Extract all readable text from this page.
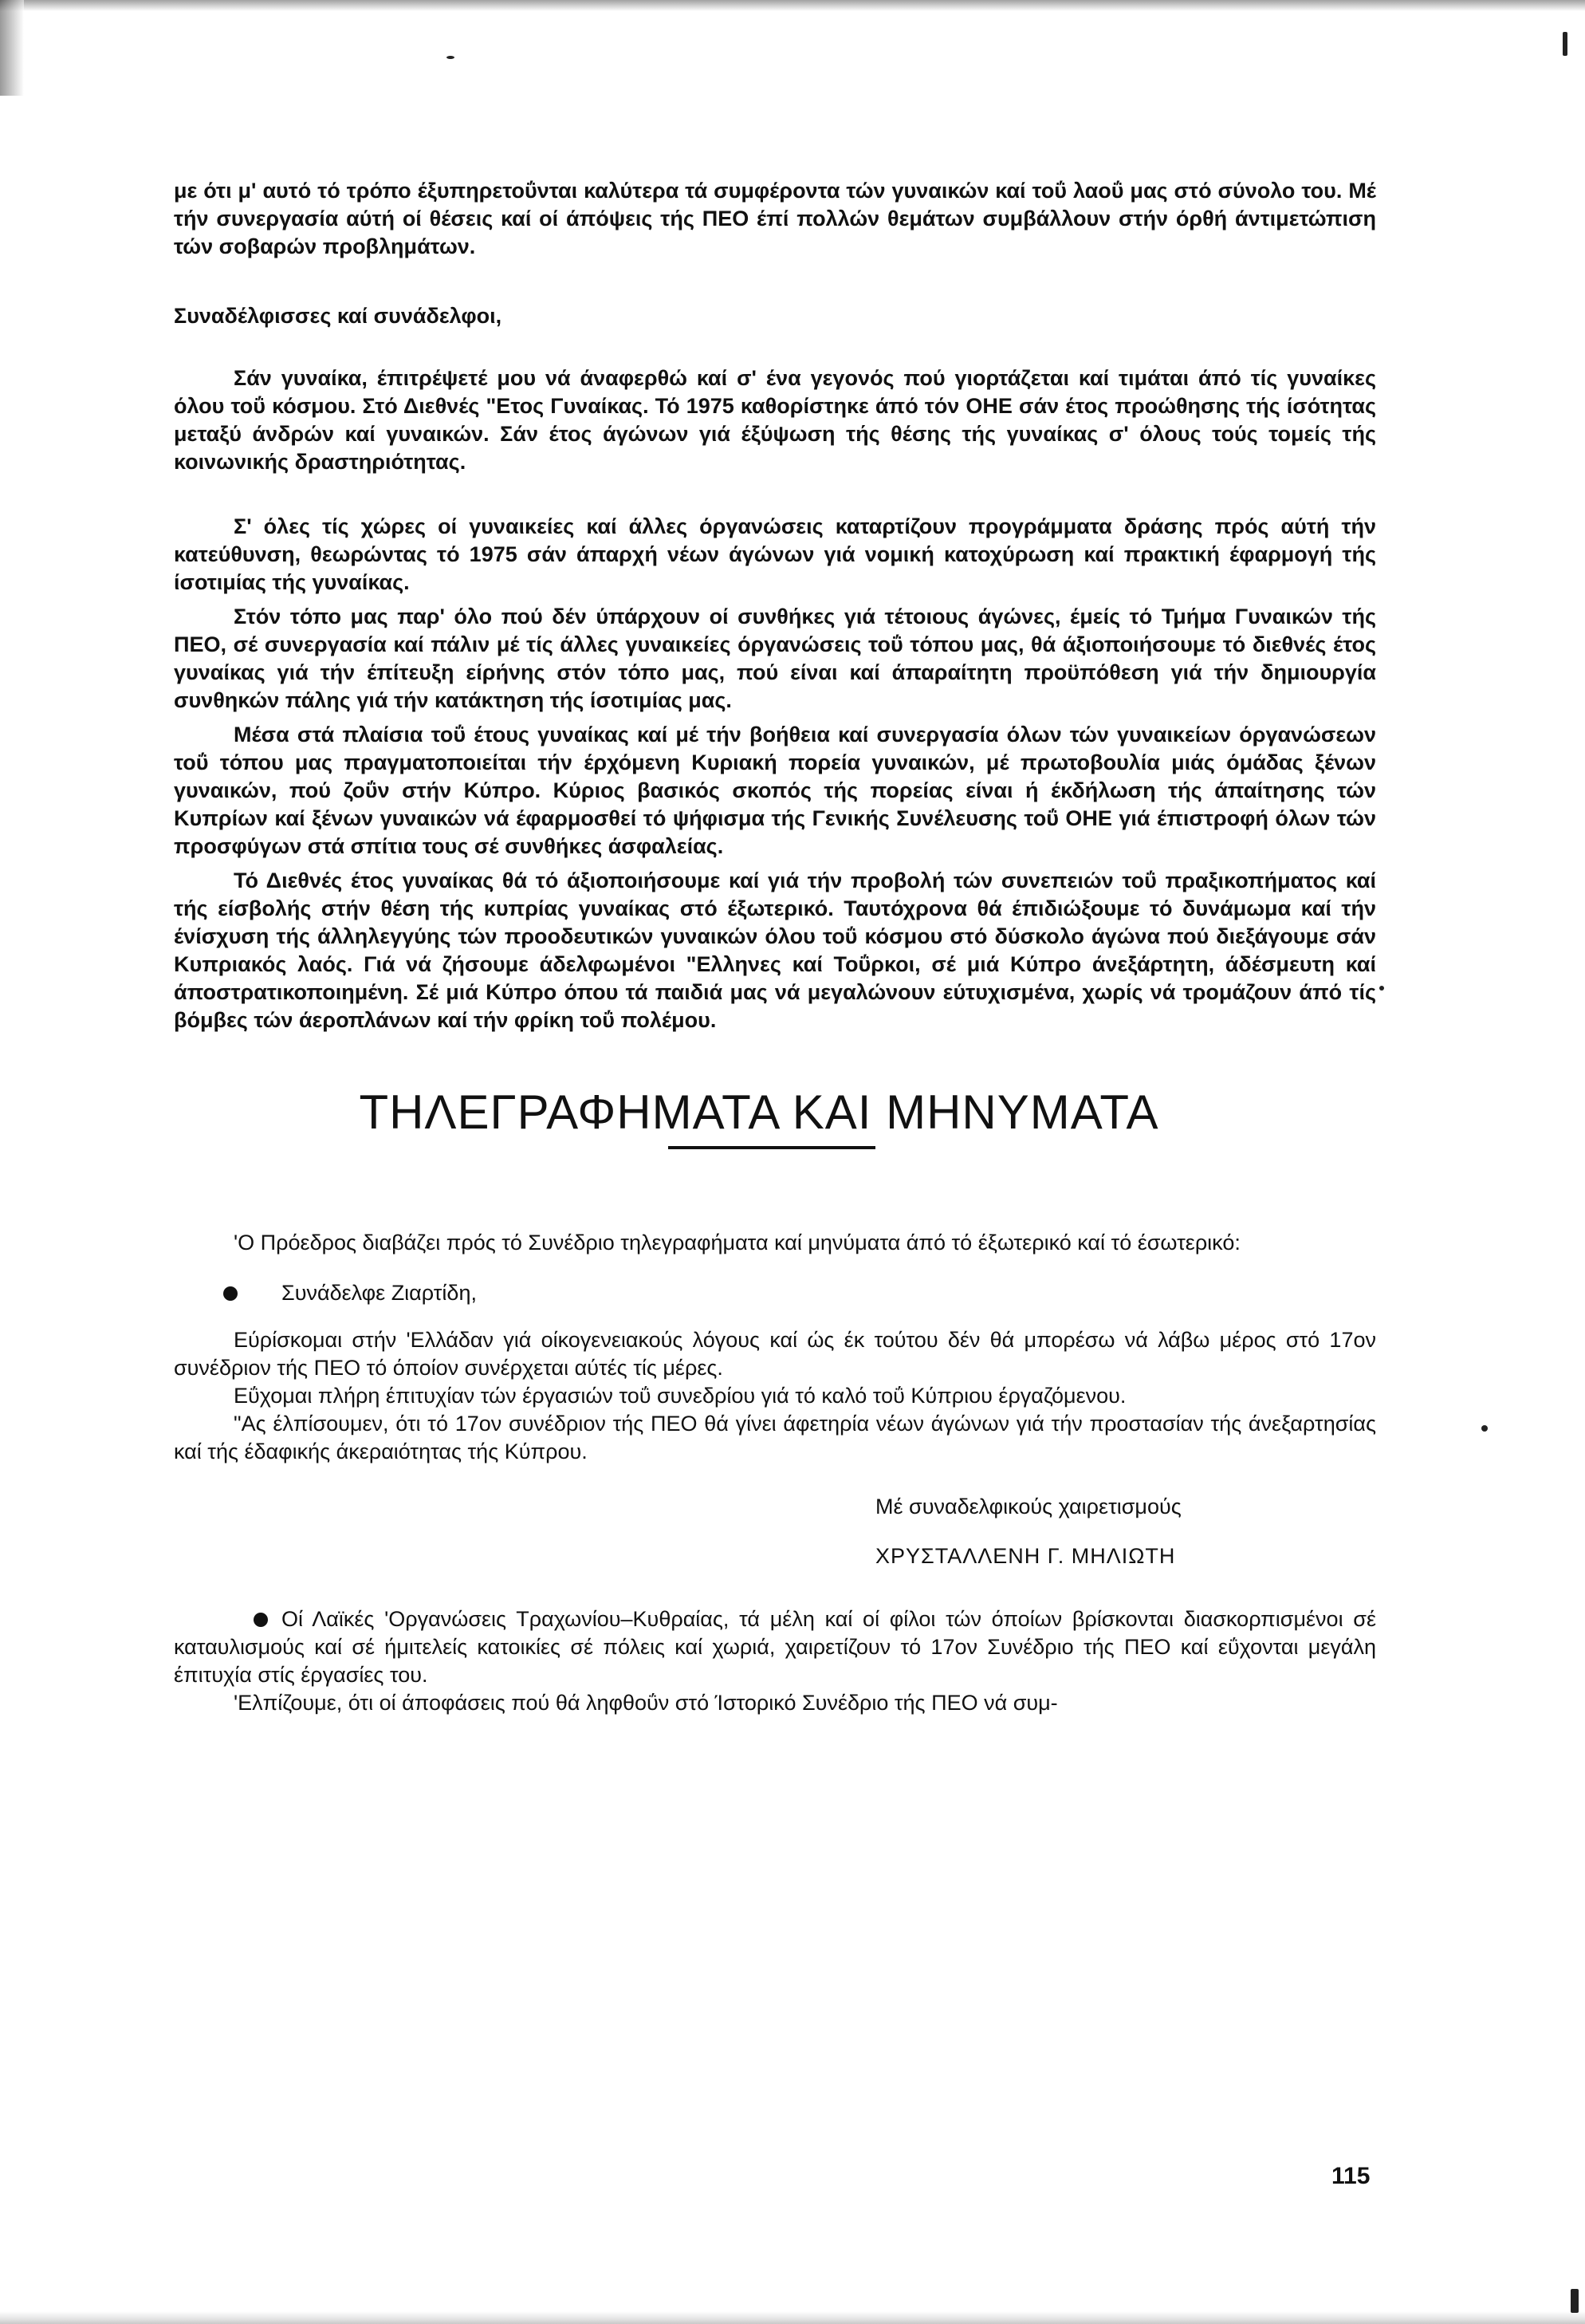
με ότι μ' αυτό τό τρόπο έξυπηρετοΰνται καλύτερα τά συμφέροντα τών γυναικών καί τοΰ λαοΰ μας στό σύνολο του. Μέ τήν συνεργασία αύτή οί θέσεις καί οί άπόψεις τής ΠΕΟ έπί πολλών θεμάτων συμβάλλουν στήν όρθή άντιμετώπιση τών σοβαρών προβλημάτων.

Συναδέλφισσες καί συνάδελφοι,

Σάν γυναίκα, έπιτρέψετέ μου νά άναφερθώ καί σ' ένα γεγονός πού γιορτάζεται καί τιμάται άπό τίς γυναίκες όλου τοΰ κόσμου. Στό Διεθνές "Ετος Γυναίκας. Τό 1975 καθορίστηκε άπό τόν ΟΗΕ σάν έτος προώθησης τής ίσότητας μεταξύ άνδρών καί γυναικών. Σάν έτος άγώνων γιά έξύψωση τής θέσης τής γυναίκας σ' όλους τούς τομείς τής κοινωνικής δραστηριότητας.

Σ' όλες τίς χώρες οί γυναικείες καί άλλες όργανώσεις καταρτίζουν προγράμματα δράσης πρός αύτή τήν κατεύθυνση, θεωρώντας τό 1975 σάν άπαρχή νέων άγώνων γιά νομική κατοχύρωση καί πρακτική έφαρμογή τής ίσοτιμίας τής γυναίκας.

Στόν τόπο μας παρ' όλο πού δέν ύπάρχουν οί συνθήκες γιά τέτοιους άγώνες, έμείς τό Τμήμα Γυναικών τής ΠΕΟ, σέ συνεργασία καί πάλιν μέ τίς άλλες γυναικείες όργανώσεις τοΰ τόπου μας, θά άξιοποιήσουμε τό διεθνές έτος γυναίκας γιά τήν έπίτευξη είρήνης στόν τόπο μας, πού είναι καί άπαραίτητη προϋπόθεση γιά τήν δημιουργία συνθηκών πάλης γιά τήν κατάκτηση τής ίσοτιμίας μας.

Μέσα στά πλαίσια τοΰ έτους γυναίκας καί μέ τήν βοήθεια καί συνεργασία όλων τών γυναικείων όργανώσεων τοΰ τόπου μας πραγματοποιείται τήν έρχόμενη Κυριακή πορεία γυναικών, μέ πρωτοβουλία μιάς όμάδας ξένων γυναικών, πού ζοΰν στήν Κύπρο. Κύριος βασικός σκοπός τής πορείας είναι ή έκδήλωση τής άπαίτησης τών Κυπρίων καί ξένων γυναικών νά έφαρμοσθεί τό ψήφισμα τής Γενικής Συνέλευσης τοΰ ΟΗΕ γιά έπιστροφή όλων τών προσφύγων στά σπίτια τους σέ συνθήκες άσφαλείας.

Τό Διεθνές έτος γυναίκας θά τό άξιοποιήσουμε καί γιά τήν προβολή τών συνεπειών τοΰ πραξικοπήματος καί τής είσβολής στήν θέση τής κυπρίας γυναίκας στό έξωτερικό. Ταυτόχρονα θά έπιδιώξουμε τό δυνάμωμα καί τήν ένίσχυση τής άλληλεγγύης τών προοδευτικών γυναικών όλου τοΰ κόσμου στό δύσκολο άγώνα πού διεξάγουμε σάν Κυπριακός λαός. Γιά νά ζήσουμε άδελφωμένοι "Ελληνες καί Τοΰρκοι, σέ μιά Κύπρο άνεξάρτητη, άδέσμευτη καί άποστρατικοποιημένη. Σέ μιά Κύπρο όπου τά παιδιά μας νά μεγαλώνουν εύτυχισμένα, χωρίς νά τρομάζουν άπό τίς βόμβες τών άεροπλάνων καί τήν φρίκη τοΰ πολέμου.

ΤΗΛΕΓΡΑΦΗΜΑΤΑ ΚΑΙ ΜΗΝΥΜΑΤΑ

'Ο Πρόεδρος διαβάζει πρός τό Συνέδριο τηλεγραφήματα καί μηνύματα άπό τό έξωτερικό καί τό έσωτερικό:

Συνάδελφε Ζιαρτίδη,

Εύρίσκομαι στήν 'Ελλάδαν γιά οίκογενειακούς λόγους καί ώς έκ τούτου δέν θά μπορέσω νά λάβω μέρος στό 17ον συνέδριον τής ΠΕΟ τό όποίον συνέρχεται αύτές τίς μέρες.

Εΰχομαι πλήρη έπιτυχίαν τών έργασιών τοΰ συνεδρίου γιά τό καλό τοΰ Κύπριου έργαζόμενου.

"Ας έλπίσουμεν, ότι τό 17ον συνέδριον τής ΠΕΟ θά γίνει άφετηρία νέων άγώνων γιά τήν προστασίαν τής άνεξαρτησίας καί τής έδαφικής άκεραιότητας τής Κύπρου.

Μέ συναδελφικούς χαιρετισμούς

ΧΡΥΣΤΑΛΛΕΝΗ Γ. ΜΗΛΙΩΤΗ

Οί Λαϊκές 'Οργανώσεις Τραχωνίου–Κυθραίας, τά μέλη καί οί φίλοι τών όποίων βρίσκονται διασκορπισμένοι σέ καταυλισμούς καί σέ ήμιτελείς κατοικίες σέ πόλεις καί χωριά, χαιρετίζουν τό 17ον Συνέδριο τής ΠΕΟ καί εΰχονται μεγάλη έπιτυχία στίς έργασίες του.

'Ελπίζουμε, ότι οί άποφάσεις πού θά ληφθοΰν στό Ίστορικό Συνέδριο τής ΠΕΟ νά συμ-

115
